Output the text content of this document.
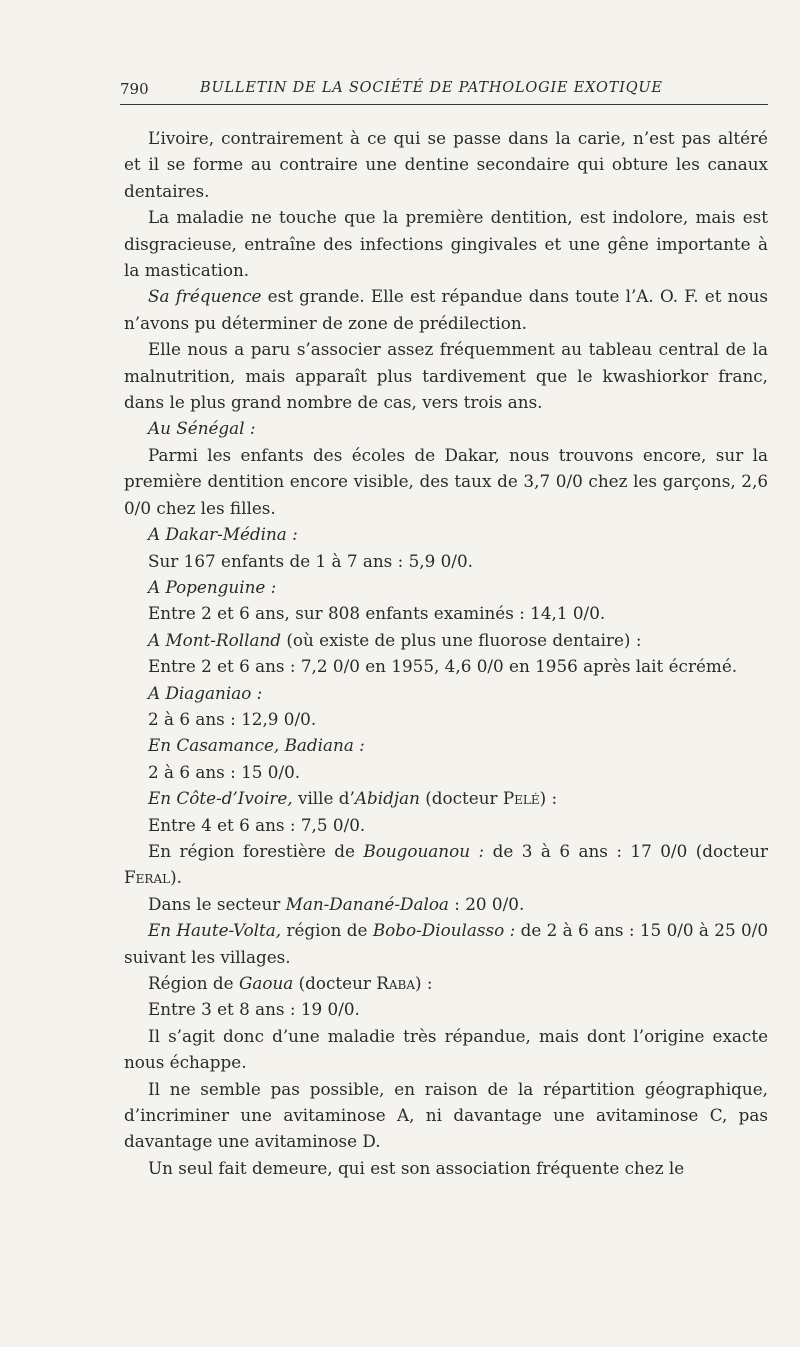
790	BULLETIN DE LA SOCIÉTÉ DE PATHOLOGIE EXOTIQUE

L’ivoire, contrairement à ce qui se passe dans la carie, n’est pas altéré et il se forme au contraire une dentine secondaire qui obture les canaux dentaires.

La maladie ne touche que la première dentition, est indolore, mais est disgracieuse, entraîne des infections gingivales et une gêne importante à la mastication.

Sa fréquence est grande. Elle est répandue dans toute l’A. O. F. et nous n’avons pu déterminer de zone de prédilection.

Elle nous a paru s’associer assez fréquemment au tableau central de la malnutrition, mais apparaît plus tardivement que le kwashiorkor franc, dans le plus grand nombre de cas, vers trois ans.

Au Sénégal :

Parmi les enfants des écoles de Dakar, nous trouvons encore, sur la première dentition encore visible, des taux de 3,7 0/0 chez les garçons, 2,6 0/0 chez les filles.

A Dakar-Médina :

Sur 167 enfants de 1 à 7 ans : 5,9 0/0.

A Popenguine :

Entre 2 et 6 ans, sur 808 enfants examinés : 14,1 0/0.

A Mont-Rolland (où existe de plus une fluorose dentaire) :

Entre 2 et 6 ans : 7,2 0/0 en 1955, 4,6 0/0 en 1956 après lait écrémé.

A Diaganiao :

2 à 6 ans : 12,9 0/0.

En Casamance, Badiana :

2 à 6 ans : 15 0/0.

En Côte-d’Ivoire, ville d’Abidjan (docteur Pelé) :

Entre 4 et 6 ans : 7,5 0/0.

En région forestière de Bougouanou : de 3 à 6 ans : 17 0/0 (docteur Feral).

Dans le secteur Man-Danané-Daloa : 20 0/0.

En Haute-Volta, région de Bobo-Dioulasso : de 2 à 6 ans : 15 0/0 à 25 0/0 suivant les villages.

Région de Gaoua (docteur Raba) :

Entre 3 et 8 ans : 19 0/0.

Il s’agit donc d’une maladie très répandue, mais dont l’origine exacte nous échappe.

Il ne semble pas possible, en raison de la répartition géographique, d’incriminer une avitaminose A, ni davantage une avitaminose C, pas davantage une avitaminose D.

Un seul fait demeure, qui est son association fréquente chez le
